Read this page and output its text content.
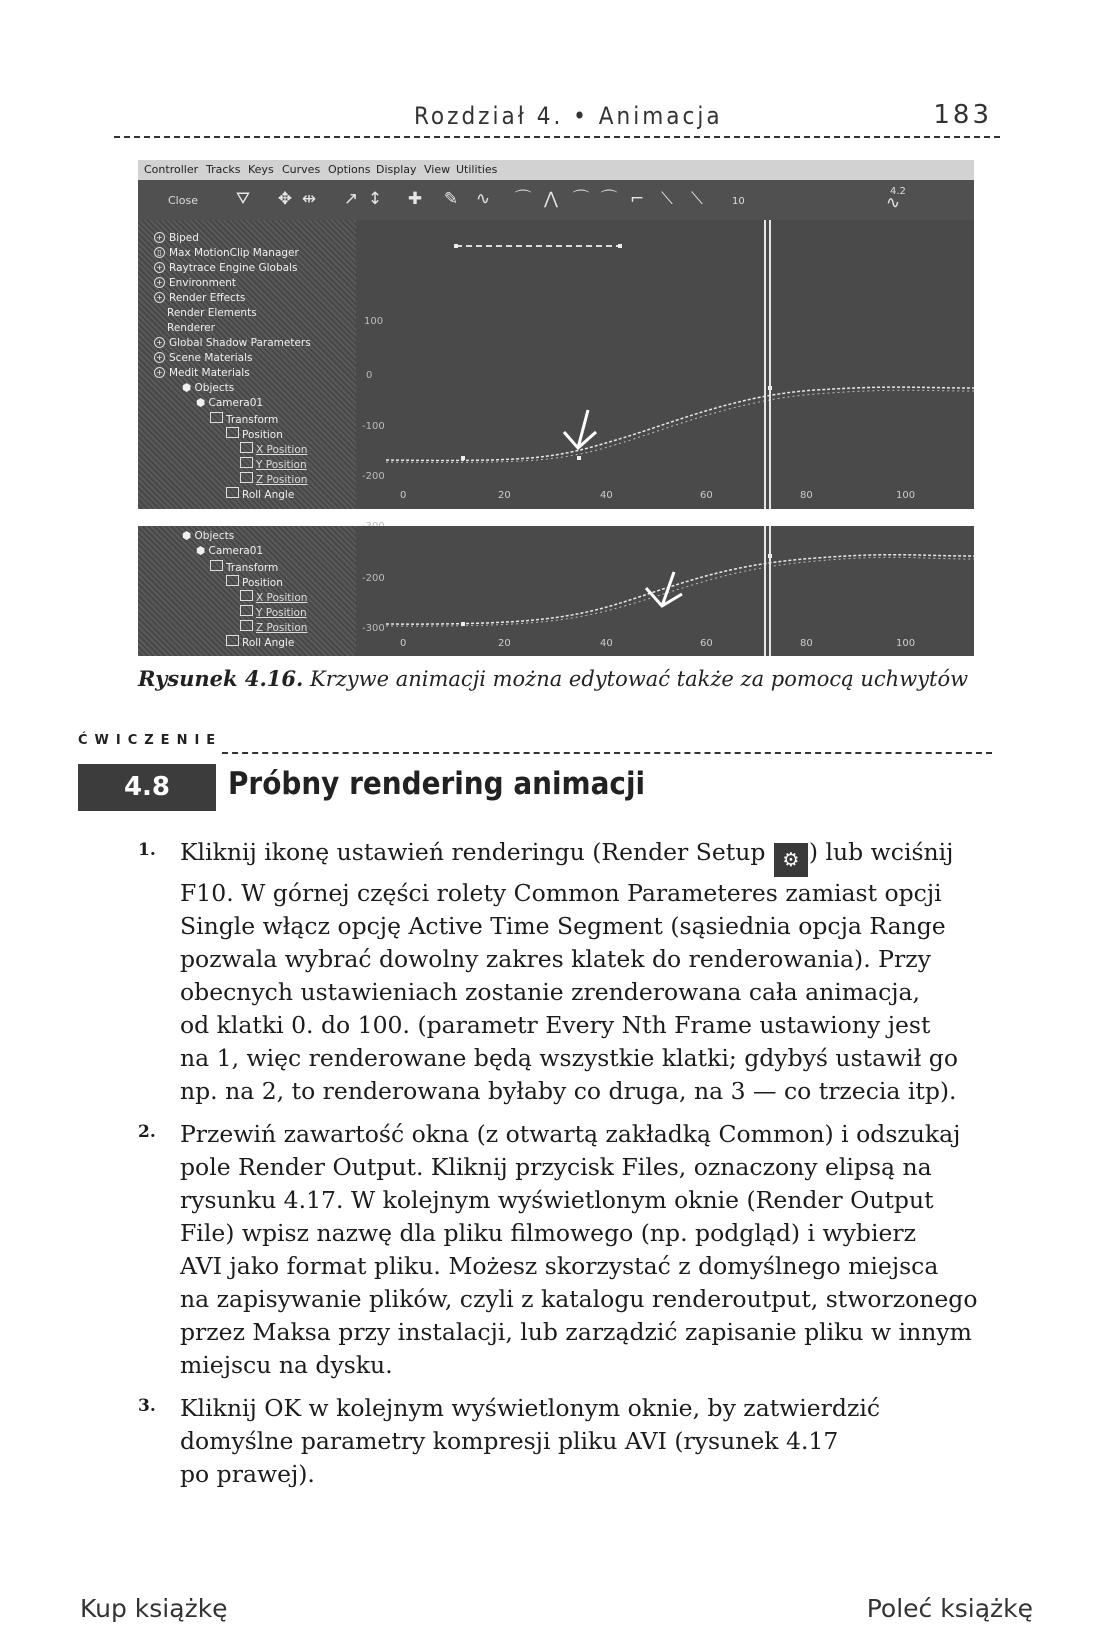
Rozdział 4. • Animacja	183
Controller Tracks Keys Curves Options Display View Utilities
Close ⛛ ✥ ⇹ ↗ ↕ ✚ ✎ ∿ ⌒ ⋀ ⌒ ⌒ ⌐ ⟍ ⟍	10
4.2
∿
+ Biped
▯ Max MotionClip Manager
+ Raytrace Engine Globals
+ Environment
+ Render Effects
Render Elements
Renderer
+ Global Shadow Parameters
+ Scene Materials
+ Medit Materials
⬢ Objects
⬢ Camera01
Transform
Position
X Position
Y Position
Z Position
Roll Angle
100
0
-100
-200
0	20	40	60	80	100
⬢ Objects
⬢ Camera01
Transform
Position
X Position
Y Position
Z Position
Roll Angle
-200
-300
0	20	40	60	80	100
Rysunek 4.16. Krzywe animacji można edytować także za pomocą uchwytów
ĆWICZENIE
4.8	Próbny rendering animacji
1. Kliknij ikonę ustawień renderingu (Render Setup ⚙ ) lub wciśnij
F10. W górnej części rolety Common Parameteres zamiast opcji
Single włącz opcję Active Time Segment (sąsiednia opcja Range
pozwala wybrać dowolny zakres klatek do renderowania). Przy
obecnych ustawieniach zostanie zrenderowana cała animacja,
od klatki 0. do 100. (parametr Every Nth Frame ustawiony jest
na 1, więc renderowane będą wszystkie klatki; gdybyś ustawił go
np. na 2, to renderowana byłaby co druga, na 3 — co trzecia itp).
2. Przewiń zawartość okna (z otwartą zakładką Common) i odszukaj
pole Render Output. Kliknij przycisk Files, oznaczony elipsą na
rysunku 4.17. W kolejnym wyświetlonym oknie (Render Output
File) wpisz nazwę dla pliku filmowego (np. podgląd) i wybierz
AVI jako format pliku. Możesz skorzystać z domyślnego miejsca
na zapisywanie plików, czyli z katalogu renderoutput, stworzonego
przez Maksa przy instalacji, lub zarządzić zapisanie pliku w innym
miejscu na dysku.
3. Kliknij OK w kolejnym wyświetlonym oknie, by zatwierdzić
domyślne parametry kompresji pliku AVI (rysunek 4.17
po prawej).
Kup książkę	Poleć książkę
